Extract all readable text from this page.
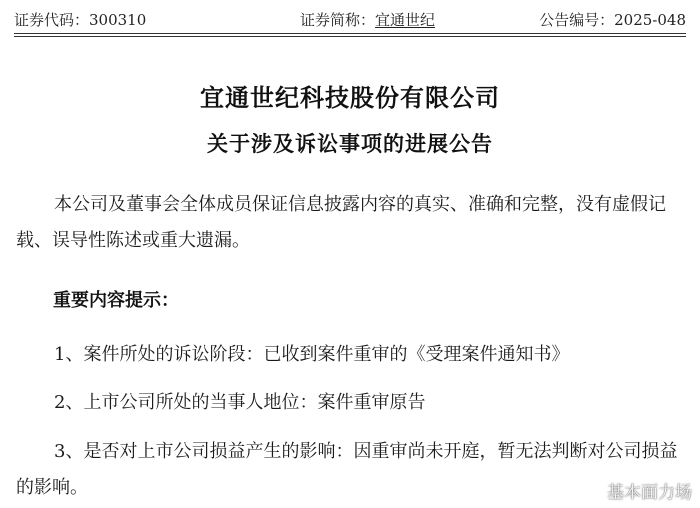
证券代码：300310	证券简称：宜通世纪	公告编号：2025-048
宜通世纪科技股份有限公司
关于涉及诉讼事项的进展公告
本公司及董事会全体成员保证信息披露内容的真实、准确和完整，没有虚假记载、误导性陈述或重大遗漏。
重要内容提示：
1、案件所处的诉讼阶段：已收到案件重审的《受理案件通知书》
2、上市公司所处的当事人地位：案件重审原告
3、是否对上市公司损益产生的影响：因重审尚未开庭，暂无法判断对公司损益的影响。	基本面力场
